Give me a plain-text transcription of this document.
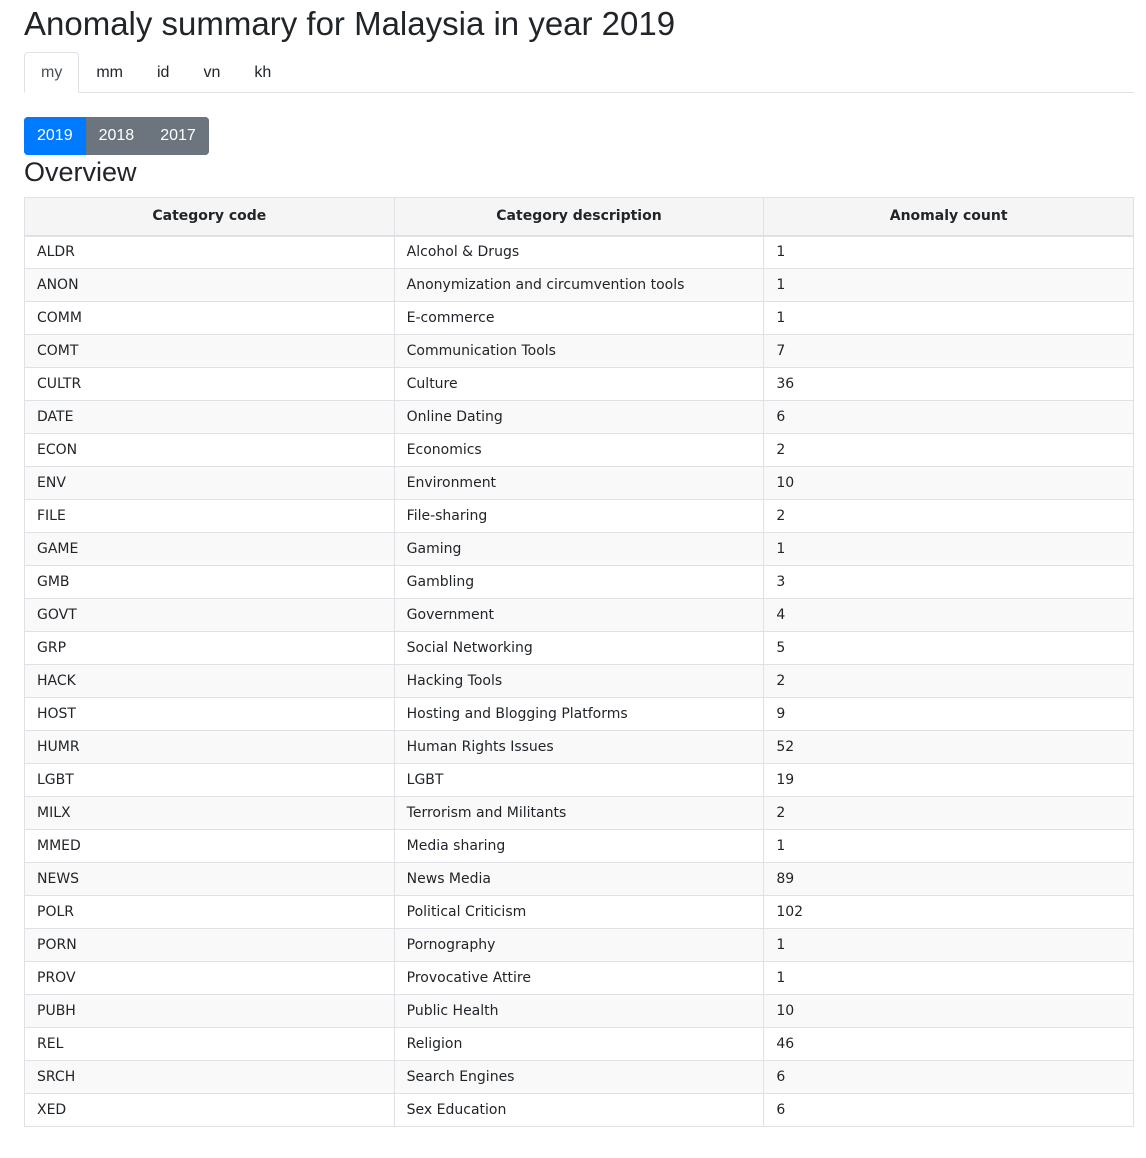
Anomaly summary for Malaysia in year 2019
my	mm	id	vn	kh
2019	2018	2017
Overview
Category code	Category description	Anomaly count
ALDR	Alcohol & Drugs	1
ANON	Anonymization and circumvention tools	1
COMM	E-commerce	1
COMT	Communication Tools	7
CULTR	Culture	36
DATE	Online Dating	6
ECON	Economics	2
ENV	Environment	10
FILE	File-sharing	2
GAME	Gaming	1
GMB	Gambling	3
GOVT	Government	4
GRP	Social Networking	5
HACK	Hacking Tools	2
HOST	Hosting and Blogging Platforms	9
HUMR	Human Rights Issues	52
LGBT	LGBT	19
MILX	Terrorism and Militants	2
MMED	Media sharing	1
NEWS	News Media	89
POLR	Political Criticism	102
PORN	Pornography	1
PROV	Provocative Attire	1
PUBH	Public Health	10
REL	Religion	46
SRCH	Search Engines	6
XED	Sex Education	6
